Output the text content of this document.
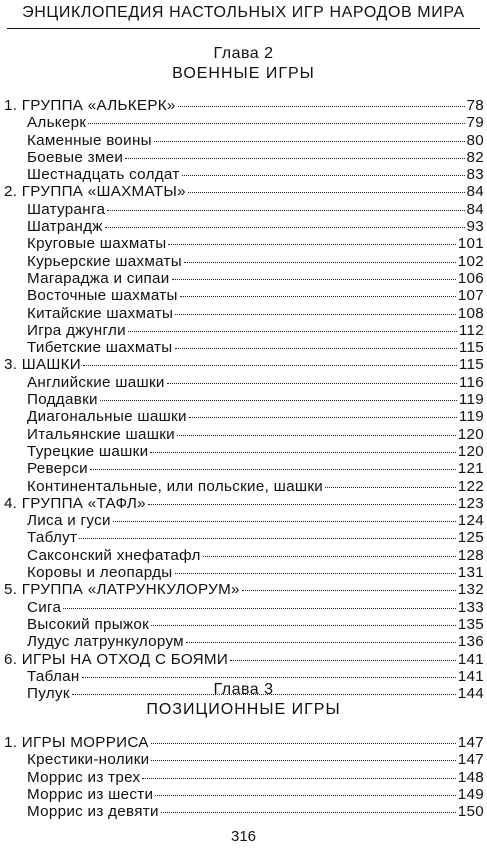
ЭНЦИКЛОПЕДИЯ НАСТОЛЬНЫХ ИГР НАРОДОВ МИРА
Глава 2
ВОЕННЫЕ ИГРЫ
1. ГРУППА «АЛЬКЕРК»	78
Алькерк	79
Каменные воины	80
Боевые змеи	82
Шестнадцать солдат	83
2. ГРУППА «ШАХМАТЫ»	84
Шатуранга	84
Шатрандж	93
Круговые шахматы	101
Курьерские шахматы	102
Магараджа и сипаи	106
Восточные шахматы	107
Китайские шахматы	108
Игра джунгли	112
Тибетские шахматы	115
3. ШАШКИ	115
Английские шашки	116
Поддавки	119
Диагональные шашки	119
Итальянские шашки	120
Турецкие шашки	120
Реверси	121
Континентальные, или польские, шашки	122
4. ГРУППА «ТАФЛ»	123
Лиса и гуси	124
Таблут	125
Саксонский хнефатафл	128
Коровы и леопарды	131
5. ГРУППА «ЛАТРУНКУЛОРУМ»	132
Сига	133
Высокий прыжок	135
Лудус латрункулорум	136
6. ИГРЫ НА ОТХОД С БОЯМИ	141
Таблан	141
Пулук	144
Глава 3
ПОЗИЦИОННЫЕ ИГРЫ
1. ИГРЫ МОРРИСА	147
Крестики-нолики	147
Моррис из трех	148
Моррис из шести	149
Моррис из девяти	150
316
